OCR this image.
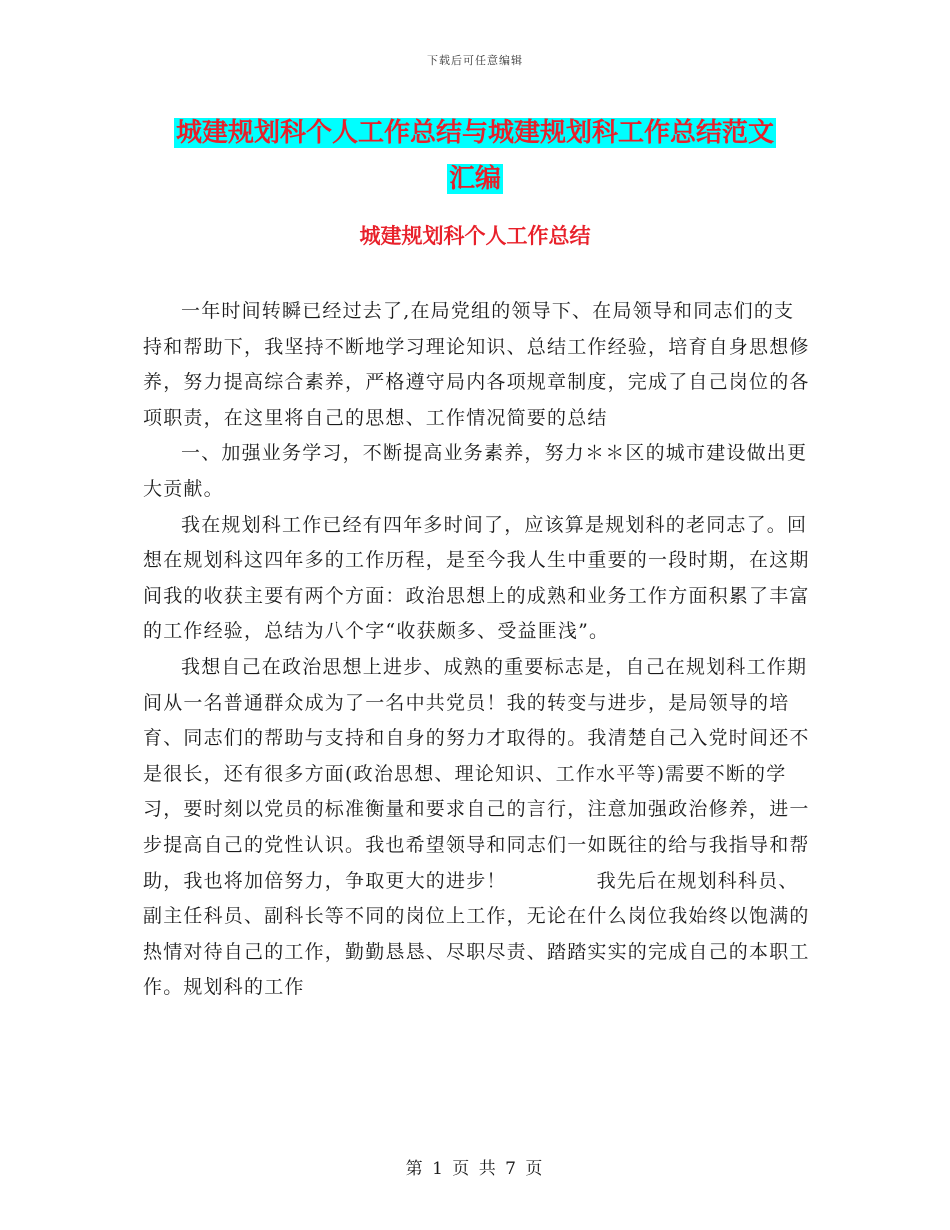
下载后可任意编辑
城建规划科个人工作总结与城建规划科工作总结范文
汇编
城建规划科个人工作总结

一年时间转瞬已经过去了,在局党组的领导下、在局领导和同志们的支持和帮助下，我坚持不断地学习理论知识、总结工作经验，培育自身思想修养，努力提高综合素养，严格遵守局内各项规章制度，完成了自己岗位的各项职责，在这里将自己的思想、工作情况简要的总结

一、加强业务学习，不断提高业务素养，努力＊＊区的城市建设做出更大贡献。

我在规划科工作已经有四年多时间了，应该算是规划科的老同志了。回想在规划科这四年多的工作历程，是至今我人生中重要的一段时期，在这期间我的收获主要有两个方面：政治思想上的成熟和业务工作方面积累了丰富的工作经验，总结为八个字“收获颇多、受益匪浅”。

我想自己在政治思想上进步、成熟的重要标志是，自己在规划科工作期间从一名普通群众成为了一名中共党员！我的转变与进步，是局领导的培育、同志们的帮助与支持和自身的努力才取得的。我清楚自己入党时间还不是很长，还有很多方面(政治思想、理论知识、工作水平等)需要不断的学习，要时刻以党员的标准衡量和要求自己的言行，注意加强政治修养，进一步提高自己的党性认识。我也希望领导和同志们一如既往的给与我指导和帮助，我也将加倍努力，争取更大的进步！	我先后在规划科科员、副主任科员、副科长等不同的岗位上工作，无论在什么岗位我始终以饱满的热情对待自己的工作，勤勤恳恳、尽职尽责、踏踏实实的完成自己的本职工作。规划科的工作

第 1 页 共 7 页
